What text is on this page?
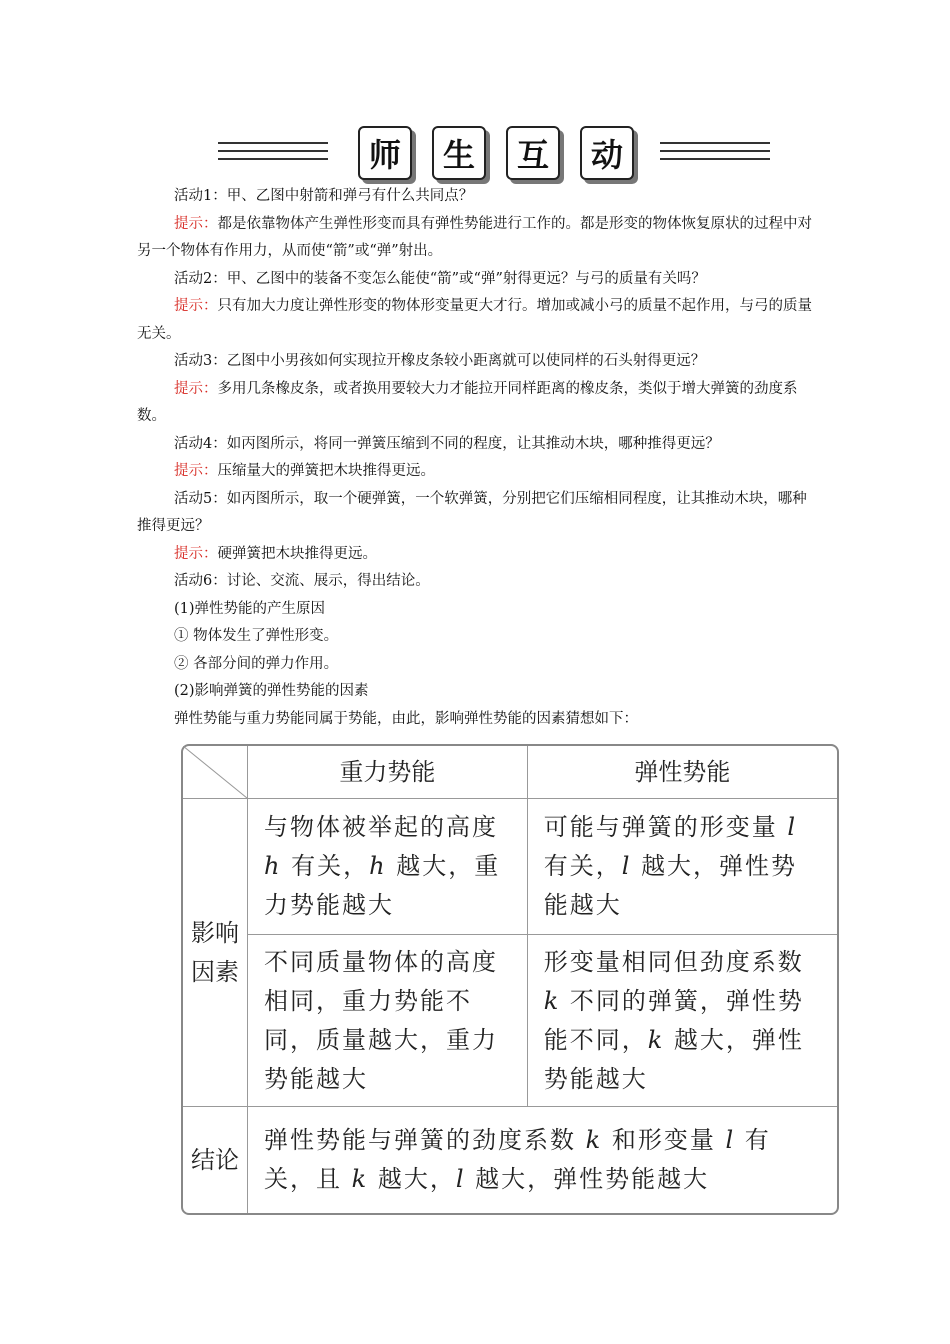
师	生	互	动

活动1：甲、乙图中射箭和弹弓有什么共同点？

提示：都是依靠物体产生弹性形变而具有弹性势能进行工作的。都是形变的物体恢复原状的过程中对另一个物体有作用力，从而使“箭”或“弹”射出。

活动2：甲、乙图中的装备不变怎么能使“箭”或“弹”射得更远？与弓的质量有关吗？

提示：只有加大力度让弹性形变的物体形变量更大才行。增加或减小弓的质量不起作用，与弓的质量无关。

活动3：乙图中小男孩如何实现拉开橡皮条较小距离就可以使同样的石头射得更远？

提示：多用几条橡皮条，或者换用要较大力才能拉开同样距离的橡皮条，类似于增大弹簧的劲度系数。

活动4：如丙图所示，将同一弹簧压缩到不同的程度，让其推动木块，哪种推得更远？

提示：压缩量大的弹簧把木块推得更远。

活动5：如丙图所示，取一个硬弹簧，一个软弹簧，分别把它们压缩相同程度，让其推动木块，哪种推得更远？

提示：硬弹簧把木块推得更远。

活动6：讨论、交流、展示，得出结论。

(1)弹性势能的产生原因

① 物体发生了弹性形变。

② 各部分间的弹力作用。

(2)影响弹簧的弹性势能的因素

弹性势能与重力势能同属于势能，由此，影响弹性势能的因素猜想如下：

	重力势能	弹性势能
影响因素	与物体被举起的高度 h 有关，h 越大，重力势能越大	可能与弹簧的形变量 l 有关，l 越大，弹性势能越大
	不同质量物体的高度相同，重力势能不同，质量越大，重力势能越大	形变量相同但劲度系数 k 不同的弹簧，弹性势能不同，k 越大，弹性势能越大
结论	弹性势能与弹簧的劲度系数 k 和形变量 l 有关，且 k 越大，l 越大，弹性势能越大	
